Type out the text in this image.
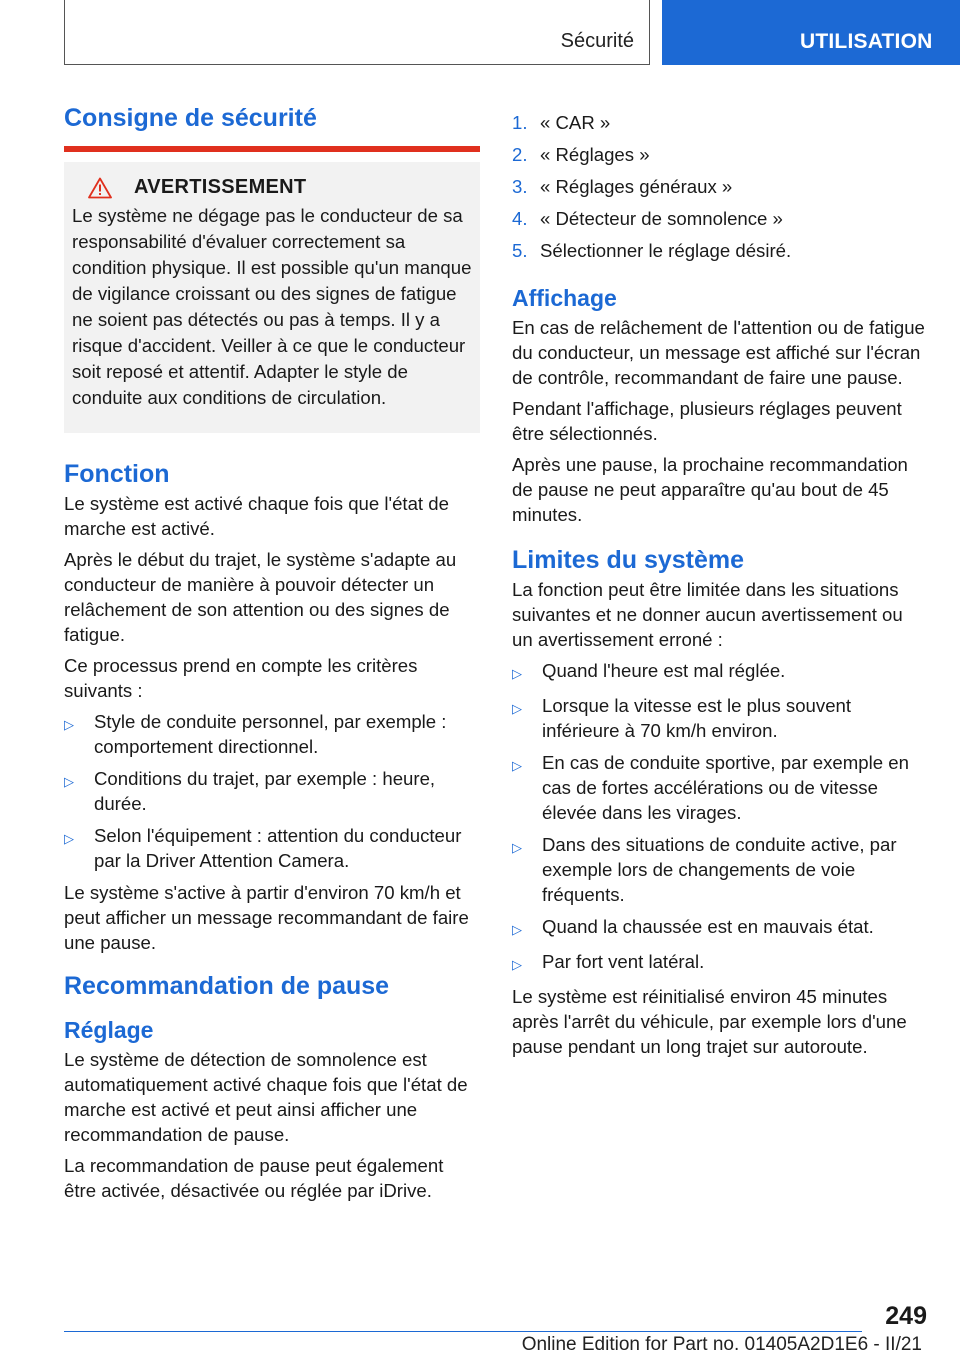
Sécurité	UTILISATION
Consigne de sécurité
AVERTISSEMENT

Le système ne dégage pas le conducteur de sa responsabilité d'évaluer correctement sa condition physique. Il est possible qu'un manque de vigilance croissant ou des signes de fatigue ne soient pas détectés ou pas à temps. Il y a risque d'accident. Veiller à ce que le conducteur soit reposé et attentif. Adapter le style de conduite aux conditions de circulation.

Fonction

Le système est activé chaque fois que l'état de marche est activé.

Après le début du trajet, le système s'adapte au conducteur de manière à pouvoir détecter un relâchement de son attention ou des signes de fatigue.

Ce processus prend en compte les critères suivants :

▷	Style de conduite personnel, par exemple : comportement directionnel.
▷	Conditions du trajet, par exemple : heure, durée.
▷	Selon l'équipement : attention du conducteur par la Driver Attention Camera.

Le système s'active à partir d'environ 70 km/h et peut afficher un message recommandant de faire une pause.

Recommandation de pause
Réglage

Le système de détection de somnolence est automatiquement activé chaque fois que l'état de marche est activé et peut ainsi afficher une recommandation de pause.

La recommandation de pause peut également être activée, désactivée ou réglée par iDrive.

1. « CAR »
2. « Réglages »
3. « Réglages généraux »
4. « Détecteur de somnolence »
5. Sélectionner le réglage désiré.
Affichage

En cas de relâchement de l'attention ou de fatigue du conducteur, un message est affiché sur l'écran de contrôle, recommandant de faire une pause.

Pendant l'affichage, plusieurs réglages peuvent être sélectionnés.

Après une pause, la prochaine recommandation de pause ne peut apparaître qu'au bout de 45 minutes.

Limites du système

La fonction peut être limitée dans les situations suivantes et ne donner aucun avertissement ou un avertissement erroné :

▷	Quand l'heure est mal réglée.
▷	Lorsque la vitesse est le plus souvent inférieure à 70 km/h environ.
▷	En cas de conduite sportive, par exemple en cas de fortes accélérations ou de vitesse élevée dans les virages.
▷	Dans des situations de conduite active, par exemple lors de changements de voie fréquents.
▷	Quand la chaussée est en mauvais état.
▷	Par fort vent latéral.

Le système est réinitialisé environ 45 minutes après l'arrêt du véhicule, par exemple lors d'une pause pendant un long trajet sur autoroute.

249
Online Edition for Part no. 01405A2D1E6 - II/21
